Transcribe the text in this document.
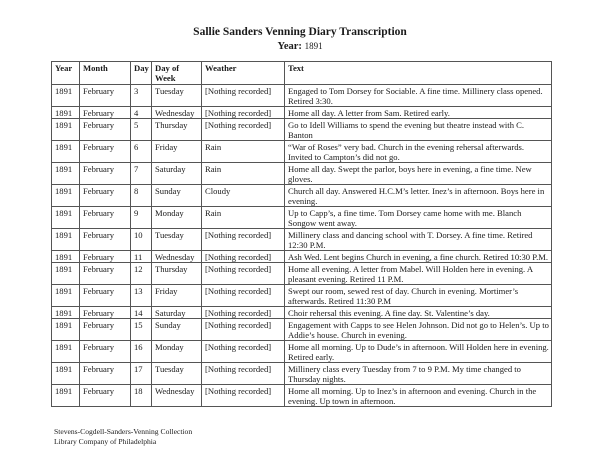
Sallie Sanders Venning Diary Transcription
Year: 1891
Year	Month	Day	Day of Week	Weather	Text
1891	February	3	Tuesday	[Nothing recorded]	Engaged to Tom Dorsey for Sociable. A fine time. Millinery class opened. Retired 3:30.
1891	February	4	Wednesday	[Nothing recorded]	Home all day. A letter from Sam. Retired early.
1891	February	5	Thursday	[Nothing recorded]	Go to Idell Williams to spend the evening but theatre instead with C. Banton
1891	February	6	Friday	Rain	“War of Roses” very bad. Church in the evening rehersal afterwards. Invited to Campton’s did not go.
1891	February	7	Saturday	Rain	Home all day. Swept the parlor, boys here in evening, a fine time. New gloves.
1891	February	8	Sunday	Cloudy	Church all day. Answered H.C.M’s letter. Inez’s in afternoon. Boys here in evening.
1891	February	9	Monday	Rain	Up to Capp’s, a fine time. Tom Dorsey came home with me. Blanch Songow went away.
1891	February	10	Tuesday	[Nothing recorded]	Millinery class and dancing school with T. Dorsey. A fine time. Retired 12:30 P.M.
1891	February	11	Wednesday	[Nothing recorded]	Ash Wed. Lent begins Church in evening, a fine church. Retired 10:30 P.M.
1891	February	12	Thursday	[Nothing recorded]	Home all evening. A letter from Mabel. Will Holden here in evening. A pleasant evening. Retired 11 P.M.
1891	February	13	Friday	[Nothing recorded]	Swept our room, sewed rest of day. Church in evening. Mortimer’s afterwards. Retired 11:30 P.M
1891	February	14	Saturday	[Nothing recorded]	Choir rehersal this evening. A fine day. St. Valentine’s day.
1891	February	15	Sunday	[Nothing recorded]	Engagement with Capps to see Helen Johnson. Did not go to Helen’s. Up to Addie’s house. Church in evening.
1891	February	16	Monday	[Nothing recorded]	Home all morning. Up to Dude’s in afternoon. Will Holden here in evening. Retired early.
1891	February	17	Tuesday	[Nothing recorded]	Millinery class every Tuesday from 7 to 9 P.M. My time changed to Thursday nights.
1891	February	18	Wednesday	[Nothing recorded]	Home all morning. Up to Inez’s in afternoon and evening. Church in the evening. Up town in afternoon.
Stevens-Cogdell-Sanders-Venning Collection
Library Company of Philadelphia
